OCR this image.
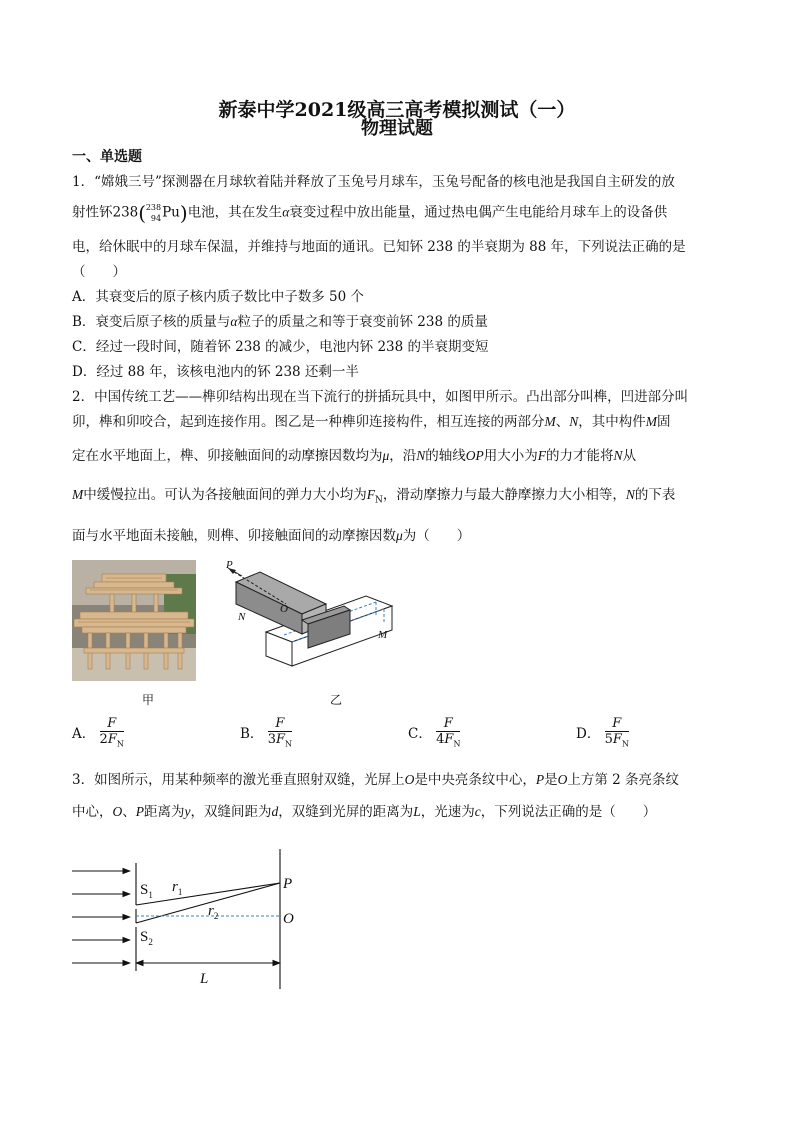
新泰中学2021级高三高考模拟测试（一）
物理试题
一、单选题
1．“嫦娥三号”探测器在月球软着陆并释放了玉兔号月球车，玉兔号配备的核电池是我国自主研发的放
射性钚238( 238
94 Pu)电池，其在发生α衰变过程中放出能量，通过热电偶产生电能给月球车上的设备供
电，给休眠中的月球车保温，并维持与地面的通讯。已知钚 238 的半衰期为 88 年，下列说法正确的是
（　　）
A．其衰变后的原子核内质子数比中子数多 50 个
B．衰变后原子核的质量与α粒子的质量之和等于衰变前钚 238 的质量
C．经过一段时间，随着钚 238 的减少，电池内钚 238 的半衰期变短
D．经过 88 年，该核电池内的钚 238 还剩一半
2．中国传统工艺——榫卯结构出现在当下流行的拼插玩具中，如图甲所示。凸出部分叫榫，凹进部分叫
卯，榫和卯咬合，起到连接作用。图乙是一种榫卯连接构件，相互连接的两部分M、N，其中构件M固
定在水平地面上，榫、卯接触面间的动摩擦因数均为μ，沿N的轴线OP用大小为F的力才能将N从
M中缓慢拉出。可认为各接触面间的弹力大小均为$F_N$，滑动摩擦力与最大静摩擦力大小相等，N的下表
面与水平地面未接触，则榫、卯接触面间的动摩擦因数μ为（　　）
甲
P
O
N
M
乙
A． $\frac{F}{2F_N}$	B． $\frac{F}{3F_N}$	C． $\frac{F}{4F_N}$	D． $\frac{F}{5F_N}$
3．如图所示，用某种频率的激光垂直照射双缝，光屏上O是中央亮条纹中心，P是O上方第 2 条亮条纹
中心，O、P距离为y，双缝间距为d，双缝到光屏的距离为L，光速为c，下列说法正确的是（　　）
$S_1$ $r_1$
$r_2$
$S_2$
P
O
L
